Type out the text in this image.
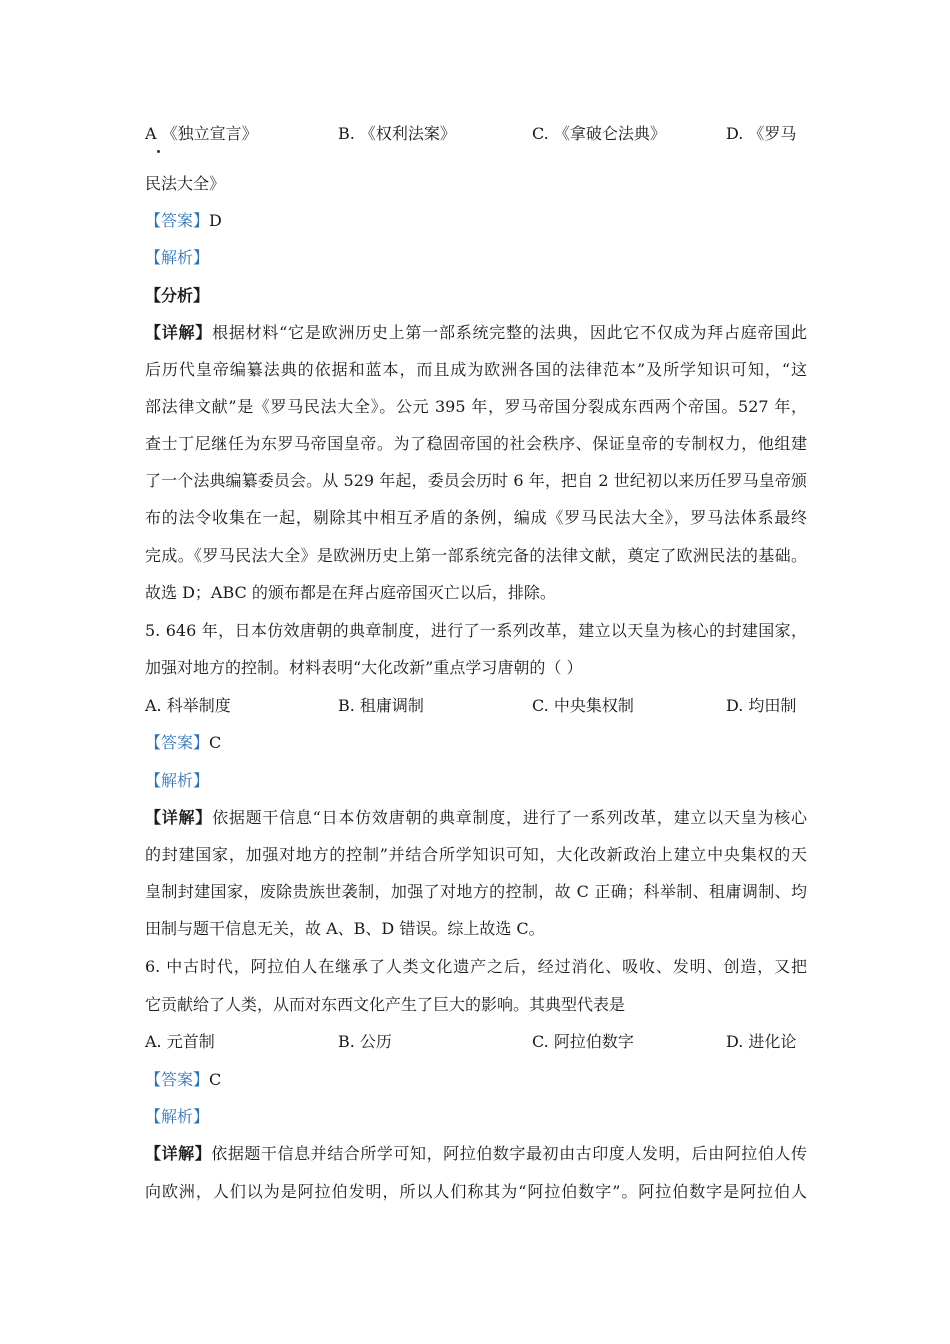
A 《独立宣言》	B. 《权利法案》	C. 《拿破仑法典》	D. 《罗马
民法大全》
【答案】D
【解析】
【分析】
【详解】根据材料“它是欧洲历史上第一部系统完整的法典，因此它不仅成为拜占庭帝国此
后历代皇帝编纂法典的依据和蓝本，而且成为欧洲各国的法律范本”及所学知识可知，“这
部法律文献”是《罗马民法大全》。公元 395 年，罗马帝国分裂成东西两个帝国。527 年，
查士丁尼继任为东罗马帝国皇帝。为了稳固帝国的社会秩序、保证皇帝的专制权力，他组建
了一个法典编纂委员会。从 529 年起，委员会历时 6 年，把自 2 世纪初以来历任罗马皇帝颁
布的法令收集在一起，剔除其中相互矛盾的条例，编成《罗马民法大全》，罗马法体系最终
完成。《罗马民法大全》是欧洲历史上第一部系统完备的法律文献，奠定了欧洲民法的基础。
故选 D；ABC 的颁布都是在拜占庭帝国灭亡以后，排除。
5. 646 年，日本仿效唐朝的典章制度，进行了一系列改革，建立以天皇为核心的封建国家，
加强对地方的控制。材料表明“大化改新”重点学习唐朝的（ ）
A. 科举制度	B. 租庸调制	C. 中央集权制	D. 均田制
【答案】C
【解析】
【详解】依据题干信息“日本仿效唐朝的典章制度，进行了一系列改革，建立以天皇为核心
的封建国家，加强对地方的控制”并结合所学知识可知，大化改新政治上建立中央集权的天
皇制封建国家，废除贵族世袭制，加强了对地方的控制，故 C 正确；科举制、租庸调制、均
田制与题干信息无关，故 A、B、D 错误。综上故选 C。
6. 中古时代，阿拉伯人在继承了人类文化遗产之后，经过消化、吸收、发明、创造，又把
它贡献给了人类，从而对东西文化产生了巨大的影响。其典型代表是
A. 元首制	B. 公历	C. 阿拉伯数字	D. 进化论
【答案】C
【解析】
【详解】依据题干信息并结合所学可知，阿拉伯数字最初由古印度人发明，后由阿拉伯人传
向欧洲，人们以为是阿拉伯发明，所以人们称其为“阿拉伯数字”。阿拉伯数字是阿拉伯人
